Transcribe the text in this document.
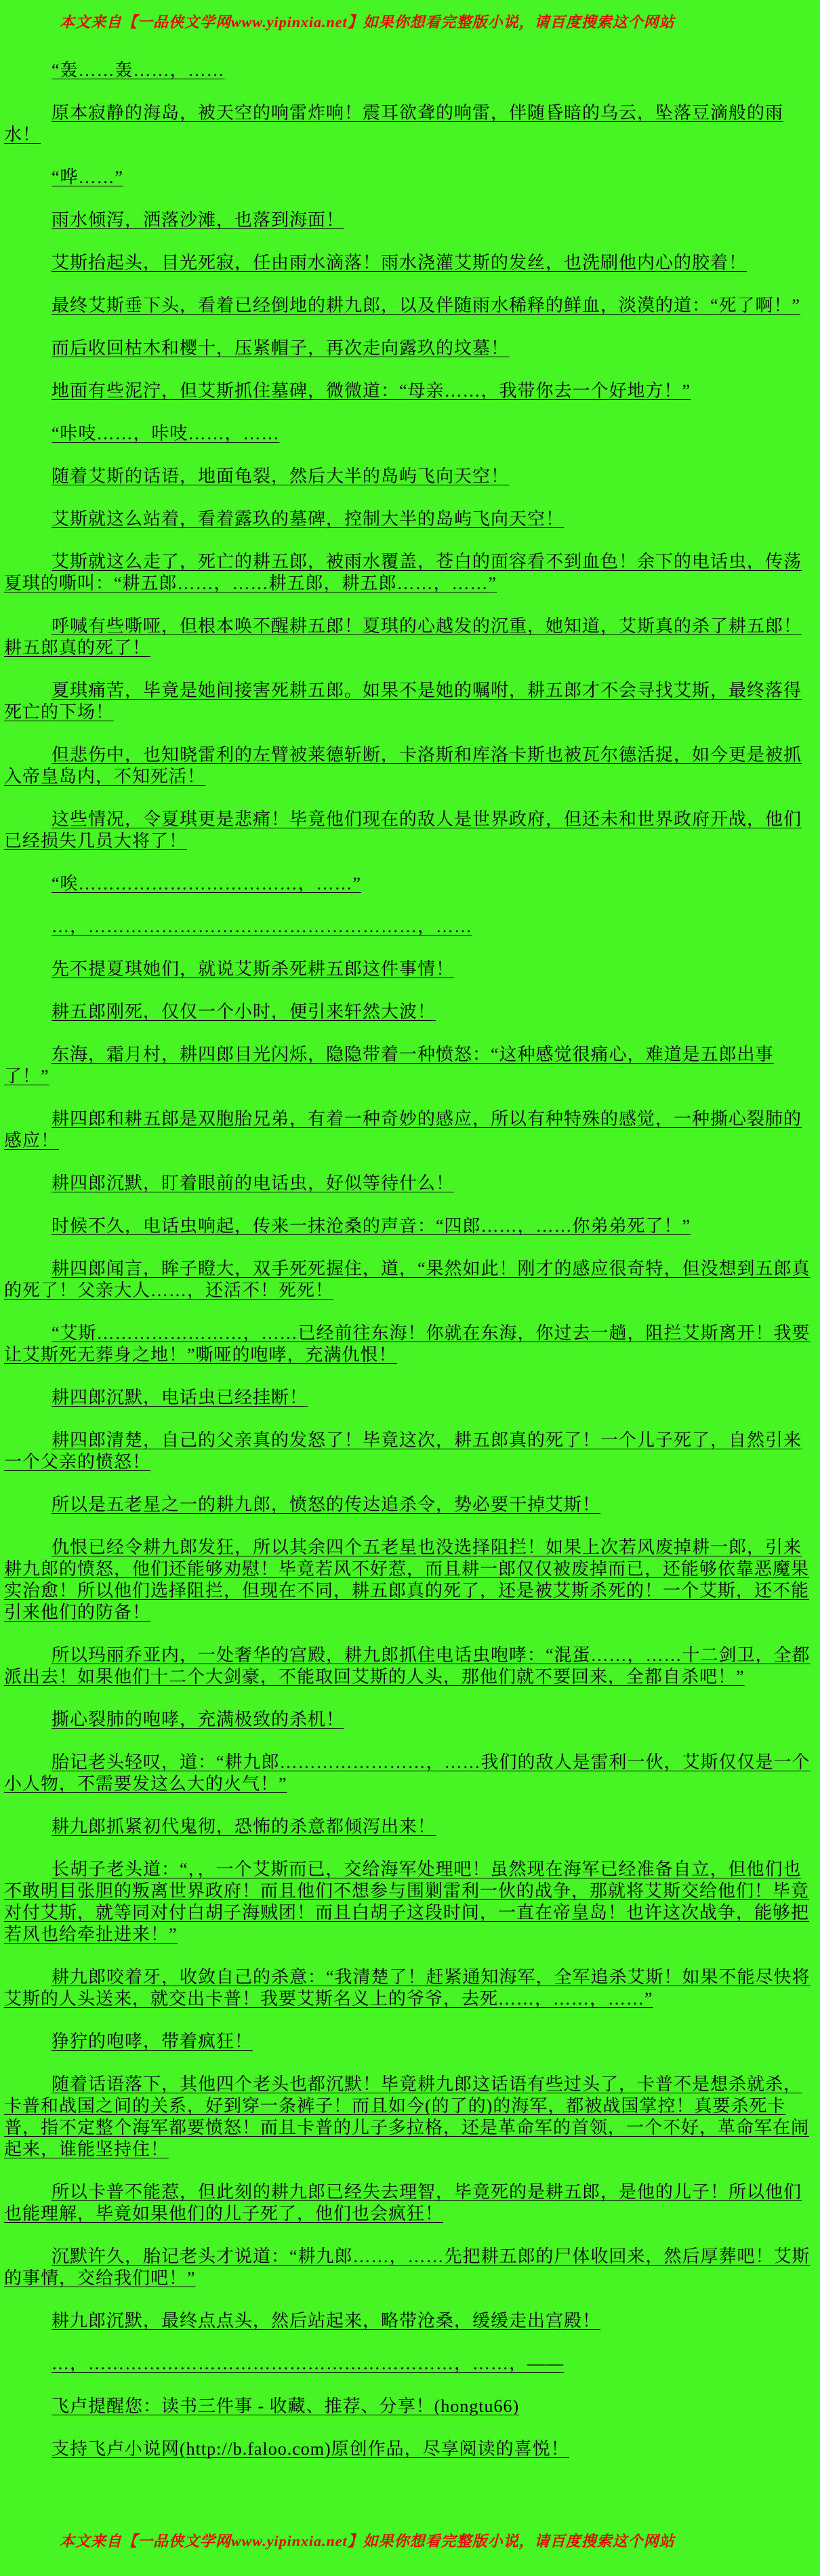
本文来自【一品侠文学网www.yipinxia.net】如果你想看完整版小说，请百度搜索这个网站

“轰……轰……，……

原本寂静的海岛，被天空的响雷炸响！震耳欲聋的响雷，伴随昏暗的乌云，坠落豆滴般的雨水！

“哗……”

雨水倾泻，洒落沙滩，也落到海面！

艾斯抬起头，目光死寂，任由雨水滴落！雨水浇灌艾斯的发丝，也洗刷他内心的胶着！

最终艾斯垂下头，看着已经倒地的耕九郎，以及伴随雨水稀释的鲜血，淡漠的道：“死了啊！”

而后收回枯木和樱十，压紧帽子，再次走向露玖的坟墓！

地面有些泥泞，但艾斯抓住墓碑，微微道：“母亲……，我带你去一个好地方！”

“咔吱……，咔吱……，……

随着艾斯的话语，地面龟裂，然后大半的岛屿飞向天空！

艾斯就这么站着，看着露玖的墓碑，控制大半的岛屿飞向天空！

艾斯就这么走了，死亡的耕五郎，被雨水覆盖，苍白的面容看不到血色！余下的电话虫，传荡夏琪的嘶叫：“耕五郎……，……耕五郎，耕五郎……，……”

呼喊有些嘶哑，但根本唤不醒耕五郎！夏琪的心越发的沉重，她知道，艾斯真的杀了耕五郎！耕五郎真的死了！

夏琪痛苦，毕竟是她间接害死耕五郎。如果不是她的嘱咐，耕五郎才不会寻找艾斯，最终落得死亡的下场！

但悲伤中，也知晓雷利的左臂被莱德斩断，卡洛斯和库洛卡斯也被瓦尔德活捉，如今更是被抓入帝皇岛内，不知死活！

这些情况，令夏琪更是悲痛！毕竟他们现在的敌人是世界政府，但还未和世界政府开战，他们已经损失几员大将了！

“唉………………………………，……”

…，………………………………………………，……

先不提夏琪她们，就说艾斯杀死耕五郎这件事情！

耕五郎刚死，仅仅一个小时，便引来轩然大波！

东海，霜月村，耕四郎目光闪烁，隐隐带着一种愤怒：“这种感觉很痛心，难道是五郎出事了！”

耕四郎和耕五郎是双胞胎兄弟，有着一种奇妙的感应，所以有种特殊的感觉，一种撕心裂肺的感应！

耕四郎沉默，盯着眼前的电话虫，好似等待什么！

时候不久，电话虫响起，传来一抹沧桑的声音：“四郎……，……你弟弟死了！”

耕四郎闻言，眸子瞪大，双手死死握住，道，“果然如此！刚才的感应很奇特，但没想到五郎真的死了！父亲大人……，还活不！死死！

“艾斯……………………，……已经前往东海！你就在东海，你过去一趟，阻拦艾斯离开！我要让艾斯死无葬身之地！”嘶哑的咆哮，充满仇恨！

耕四郎沉默，电话虫已经挂断！

耕四郎清楚，自己的父亲真的发怒了！毕竟这次，耕五郎真的死了！一个儿子死了，自然引来一个父亲的愤怒！

所以是五老星之一的耕九郎，愤怒的传达追杀令，势必要干掉艾斯！

仇恨已经令耕九郎发狂，所以其余四个五老星也没选择阻拦！如果上次若风废掉耕一郎，引来耕九郎的愤怒，他们还能够劝慰！毕竟若风不好惹，而且耕一郎仅仅被废掉而已，还能够依靠恶魔果实治愈！所以他们选择阻拦，但现在不同，耕五郎真的死了，还是被艾斯杀死的！一个艾斯，还不能引来他们的防备！

所以玛丽乔亚内，一处奢华的宫殿，耕九郎抓住电话虫咆哮：“混蛋……，……十二剑卫，全都派出去！如果他们十二个大剑豪，不能取回艾斯的人头，那他们就不要回来，全都自杀吧！”

撕心裂肺的咆哮，充满极致的杀机！

胎记老头轻叹，道：“耕九郎……………………，……我们的敌人是雷利一伙，艾斯仅仅是一个小人物，不需要发这么大的火气！”

耕九郎抓紧初代鬼彻，恐怖的杀意都倾泻出来！

长胡子老头道：“，，一个艾斯而已，交给海军处理吧！虽然现在海军已经准备自立，但他们也不敢明目张胆的叛离世界政府！而且他们不想参与围剿雷利一伙的战争，那就将艾斯交给他们！毕竟对付艾斯，就等同对付白胡子海贼团！而且白胡子这段时间，一直在帝皇岛！也许这次战争，能够把若风也给牵扯进来！”

耕九郎咬着牙，收敛自己的杀意：“我清楚了！赶紧通知海军，全军追杀艾斯！如果不能尽快将艾斯的人头送来，就交出卡普！我要艾斯名义上的爷爷，去死……，……，……”

狰狞的咆哮，带着疯狂！

随着话语落下，其他四个老头也都沉默！毕竟耕九郎这话语有些过头了，卡普不是想杀就杀，卡普和战国之间的关系，好到穿一条裤子！而且如今(的了的)的海军，都被战国掌控！真要杀死卡普，指不定整个海军都要愤怒！而且卡普的儿子多拉格，还是革命军的首领，一个不好，革命军在闹起来，谁能坚持住！

所以卡普不能惹，但此刻的耕九郎已经失去理智，毕竟死的是耕五郎，是他的儿子！所以他们也能理解，毕竟如果他们的儿子死了，他们也会疯狂！

沉默许久，胎记老头才说道：“耕九郎……，……先把耕五郎的尸体收回来，然后厚葬吧！艾斯的事情，交给我们吧！”

耕九郎沉默，最终点点头，然后站起来，略带沧桑，缓缓走出宫殿！

…，……………………………………………………，……，——

飞卢提醒您：读书三件事 - 收藏、推荐、分享！(hongtu66)

支持飞卢小说网(http://b.faloo.com)原创作品，尽享阅读的喜悦！

本文来自【一品侠文学网www.yipinxia.net】如果你想看完整版小说，请百度搜索这个网站
